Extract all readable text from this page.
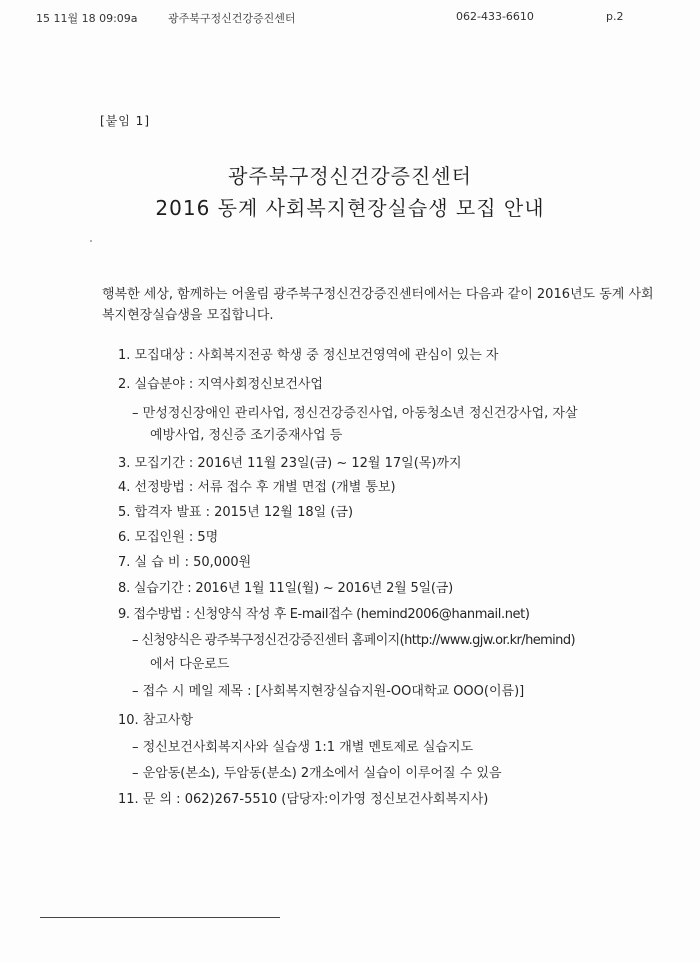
15 11월 18 09:09a	광주북구정신건강증진센터	062-433-6610	p.2
[붙임 1]
광주북구정신건강증진센터
2016 동계 사회복지현장실습생 모집 안내
행복한 세상, 함께하는 어울림 광주북구정신건강증진센터에서는 다음과 같이 2016년도 동계 사회복지현장실습생을 모집합니다.
1. 모집대상 : 사회복지전공 학생 중 정신보건영역에 관심이 있는 자
2. 실습분야 : 지역사회정신보건사업
– 만성정신장애인 관리사업, 정신건강증진사업, 아동청소년 정신건강사업, 자살
예방사업, 정신증 조기중재사업 등
3. 모집기간 : 2016년 11월 23일(금) ~ 12월 17일(목)까지
4. 선정방법 : 서류 접수 후 개별 면접 (개별 통보)
5. 합격자 발표 : 2015년 12월 18일 (금)
6. 모집인원 : 5명
7. 실 습 비 : 50,000원
8. 실습기간 : 2016년 1월 11일(월) ~ 2016년 2월 5일(금)
9. 접수방법 : 신청양식 작성 후 E-mail접수 (hemind2006@hanmail.net)
– 신청양식은 광주북구정신건강증진센터 홈페이지(http://www.gjw.or.kr/hemind)
에서 다운로드
– 접수 시 메일 제목 : [사회복지현장실습지원-OO대학교 OOO(이름)]
10. 참고사항
– 정신보건사회복지사와 실습생 1:1 개별 멘토제로 실습지도
– 운암동(본소), 두암동(분소) 2개소에서 실습이 이루어질 수 있음
11. 문 의 : 062)267-5510 (담당자:이가영 정신보건사회복지사)
